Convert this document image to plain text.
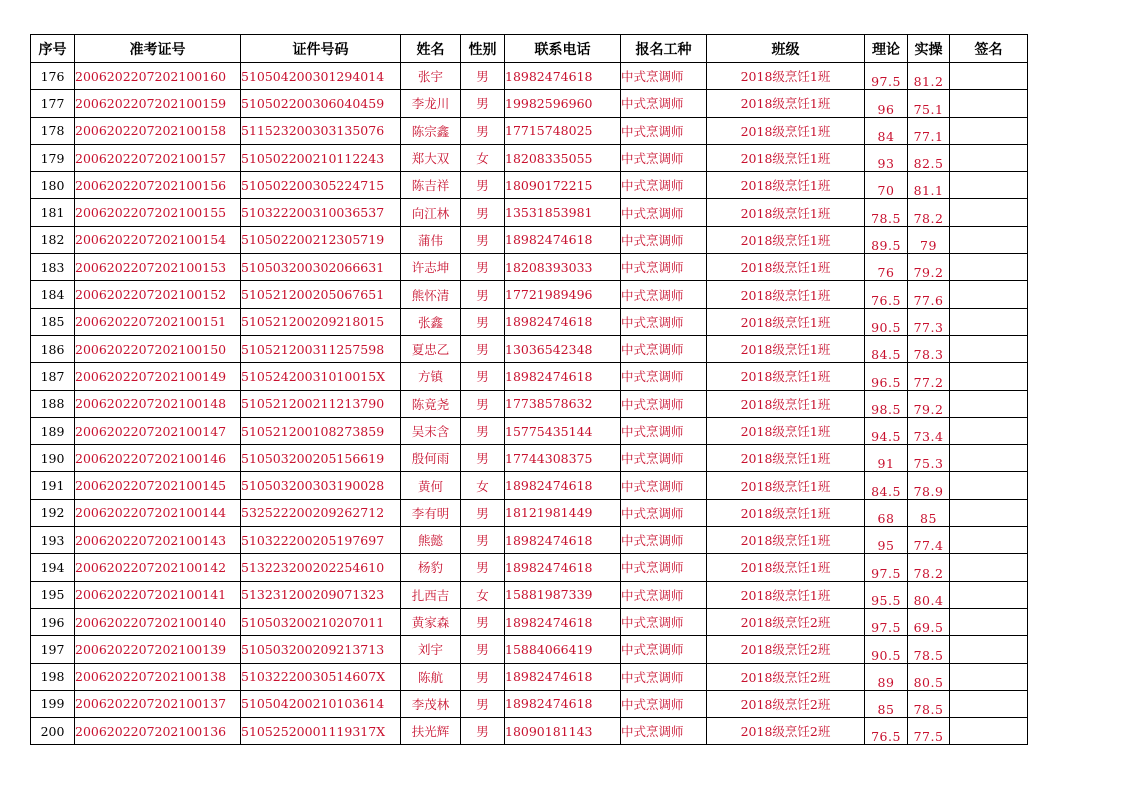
序号	准考证号	证件号码	姓名	性别	联系电话	报名工种	班级	理论	实操	签名
176	2006202207202100160	510504200301294014	张宇	男	18982474618	中式烹调师	2018级烹饪1班	97.5	81.2	
177	2006202207202100159	510502200306040459	李龙川	男	19982596960	中式烹调师	2018级烹饪1班	96	75.1	
178	2006202207202100158	511523200303135076	陈宗鑫	男	17715748025	中式烹调师	2018级烹饪1班	84	77.1	
179	2006202207202100157	510502200210112243	郑大双	女	18208335055	中式烹调师	2018级烹饪1班	93	82.5	
180	2006202207202100156	510502200305224715	陈吉祥	男	18090172215	中式烹调师	2018级烹饪1班	70	81.1	
181	2006202207202100155	510322200310036537	向江林	男	13531853981	中式烹调师	2018级烹饪1班	78.5	78.2	
182	2006202207202100154	510502200212305719	蒲伟	男	18982474618	中式烹调师	2018级烹饪1班	89.5	79	
183	2006202207202100153	510503200302066631	许志坤	男	18208393033	中式烹调师	2018级烹饪1班	76	79.2	
184	2006202207202100152	510521200205067651	熊怀清	男	17721989496	中式烹调师	2018级烹饪1班	76.5	77.6	
185	2006202207202100151	510521200209218015	张鑫	男	18982474618	中式烹调师	2018级烹饪1班	90.5	77.3	
186	2006202207202100150	510521200311257598	夏忠乙	男	13036542348	中式烹调师	2018级烹饪1班	84.5	78.3	
187	2006202207202100149	51052420031010015X	方镇	男	18982474618	中式烹调师	2018级烹饪1班	96.5	77.2	
188	2006202207202100148	510521200211213790	陈竟尧	男	17738578632	中式烹调师	2018级烹饪1班	98.5	79.2	
189	2006202207202100147	510521200108273859	吴末含	男	15775435144	中式烹调师	2018级烹饪1班	94.5	73.4	
190	2006202207202100146	510503200205156619	殷何雨	男	17744308375	中式烹调师	2018级烹饪1班	91	75.3	
191	2006202207202100145	510503200303190028	黄何	女	18982474618	中式烹调师	2018级烹饪1班	84.5	78.9	
192	2006202207202100144	532522200209262712	李有明	男	18121981449	中式烹调师	2018级烹饪1班	68	85	
193	2006202207202100143	510322200205197697	熊懿	男	18982474618	中式烹调师	2018级烹饪1班	95	77.4	
194	2006202207202100142	513223200202254610	杨豹	男	18982474618	中式烹调师	2018级烹饪1班	97.5	78.2	
195	2006202207202100141	513231200209071323	扎西吉	女	15881987339	中式烹调师	2018级烹饪1班	95.5	80.4	
196	2006202207202100140	510503200210207011	黄家森	男	18982474618	中式烹调师	2018级烹饪2班	97.5	69.5	
197	2006202207202100139	510503200209213713	刘宇	男	15884066419	中式烹调师	2018级烹饪2班	90.5	78.5	
198	2006202207202100138	51032220030514607X	陈航	男	18982474618	中式烹调师	2018级烹饪2班	89	80.5	
199	2006202207202100137	510504200210103614	李茂林	男	18982474618	中式烹调师	2018级烹饪2班	85	78.5	
200	2006202207202100136	51052520001119317X	扶光辉	男	18090181143	中式烹调师	2018级烹饪2班	76.5	77.5	
